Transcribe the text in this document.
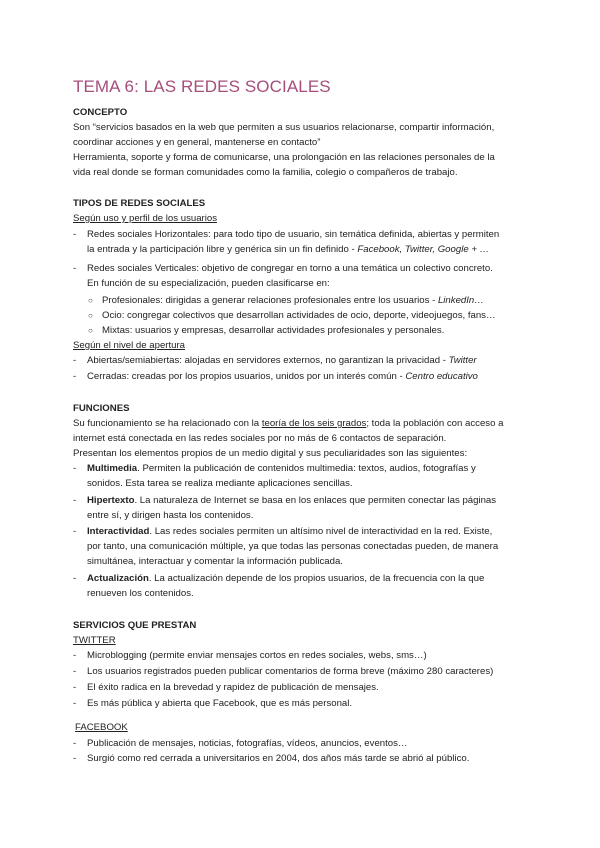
TEMA 6: LAS REDES SOCIALES
CONCEPTO
Son “servicios basados en la web que permiten a sus usuarios relacionarse, compartir información,
coordinar acciones y en general, mantenerse en contacto”
Herramienta, soporte y forma de comunicarse, una prolongación en las relaciones personales de la
vida real donde se forman comunidades como la familia, colegio o compañeros de trabajo.
TIPOS DE REDES SOCIALES
Según uso y perfil de los usuarios
- Redes sociales Horizontales: para todo tipo de usuario, sin temática definida, abiertas y permiten
la entrada y la participación libre y genérica sin un fin definido - Facebook, Twitter, Google + …
- Redes sociales Verticales: objetivo de congregar en torno a una temática un colectivo concreto.
En función de su especialización, pueden clasificarse en:
○ Profesionales: dirigidas a generar relaciones profesionales entre los usuarios - LinkedIn…
○ Ocio: congregar colectivos que desarrollan actividades de ocio, deporte, videojuegos, fans…
○ Mixtas: usuarios y empresas, desarrollar actividades profesionales y personales.
Según el nivel de apertura
- Abiertas/semiabiertas: alojadas en servidores externos, no garantizan la privacidad - Twitter
- Cerradas: creadas por los propios usuarios, unidos por un interés común - Centro educativo
FUNCIONES
Su funcionamiento se ha relacionado con la teoría de los seis grados; toda la población con acceso a
internet está conectada en las redes sociales por no más de 6 contactos de separación.
Presentan los elementos propios de un medio digital y sus peculiaridades son las siguientes:
- Multimedia. Permiten la publicación de contenidos multimedia: textos, audios, fotografías y
sonidos. Esta tarea se realiza mediante aplicaciones sencillas.
- Hipertexto. La naturaleza de Internet se basa en los enlaces que permiten conectar las páginas
entre sí, y dirigen hasta los contenidos.
- Interactividad. Las redes sociales permiten un altísimo nivel de interactividad en la red. Existe,
por tanto, una comunicación múltiple, ya que todas las personas conectadas pueden, de manera
simultánea, interactuar y comentar la información publicada.
- Actualización. La actualización depende de los propios usuarios, de la frecuencia con la que
renueven los contenidos.
SERVICIOS QUE PRESTAN
TWITTER
- Microblogging (permite enviar mensajes cortos en redes sociales, webs, sms…)
- Los usuarios registrados pueden publicar comentarios de forma breve (máximo 280 caracteres)
- El éxito radica en la brevedad y rapidez de publicación de mensajes.
- Es más pública y abierta que Facebook, que es más personal.
FACEBOOK
- Publicación de mensajes, noticias, fotografías, vídeos, anuncios, eventos…
- Surgió como red cerrada a universitarios en 2004, dos años más tarde se abrió al público.
